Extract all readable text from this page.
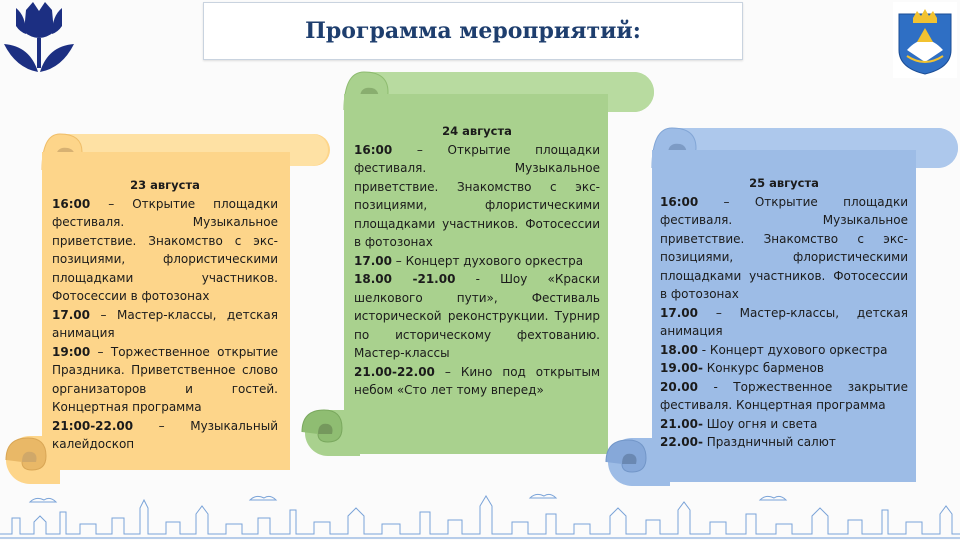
Программа мероприятий:
23 августа
16:00 – Открытие площадки фестиваля. Музыкальное приветствие. Знакомство с экс-позициями, флористическими площадками участников. Фотосессии в фотозонах
17.00 – Мастер-классы, детская анимация
19:00 – Торжественное открытие Праздника. Приветственное слово организаторов и гостей. Концертная программа
21:00-22.00 – Музыкальный калейдоскоп
24 августа
16:00 – Открытие площадки фестиваля. Музыкальное приветствие. Знакомство с экс-позициями, флористическими площадками участников. Фотосессии в фотозонах
17.00 – Концерт духового оркестра
18.00 -21.00 - Шоу «Краски шелкового пути», Фестиваль исторической реконструкции. Турнир по историческому фехтованию. Мастер-классы
21.00-22.00 – Кино под открытым небом «Сто лет тому вперед»
25 августа
16:00 – Открытие площадки фестиваля. Музыкальное приветствие. Знакомство с экс-позициями, флористическими площадками участников. Фотосессии в фотозонах
17.00 – Мастер-классы, детская анимация
18.00 - Концерт духового оркестра
19.00- Конкурс барменов
20.00 - Торжественное закрытие фестиваля. Концертная программа
21.00- Шоу огня и света
22.00- Праздничный салют
